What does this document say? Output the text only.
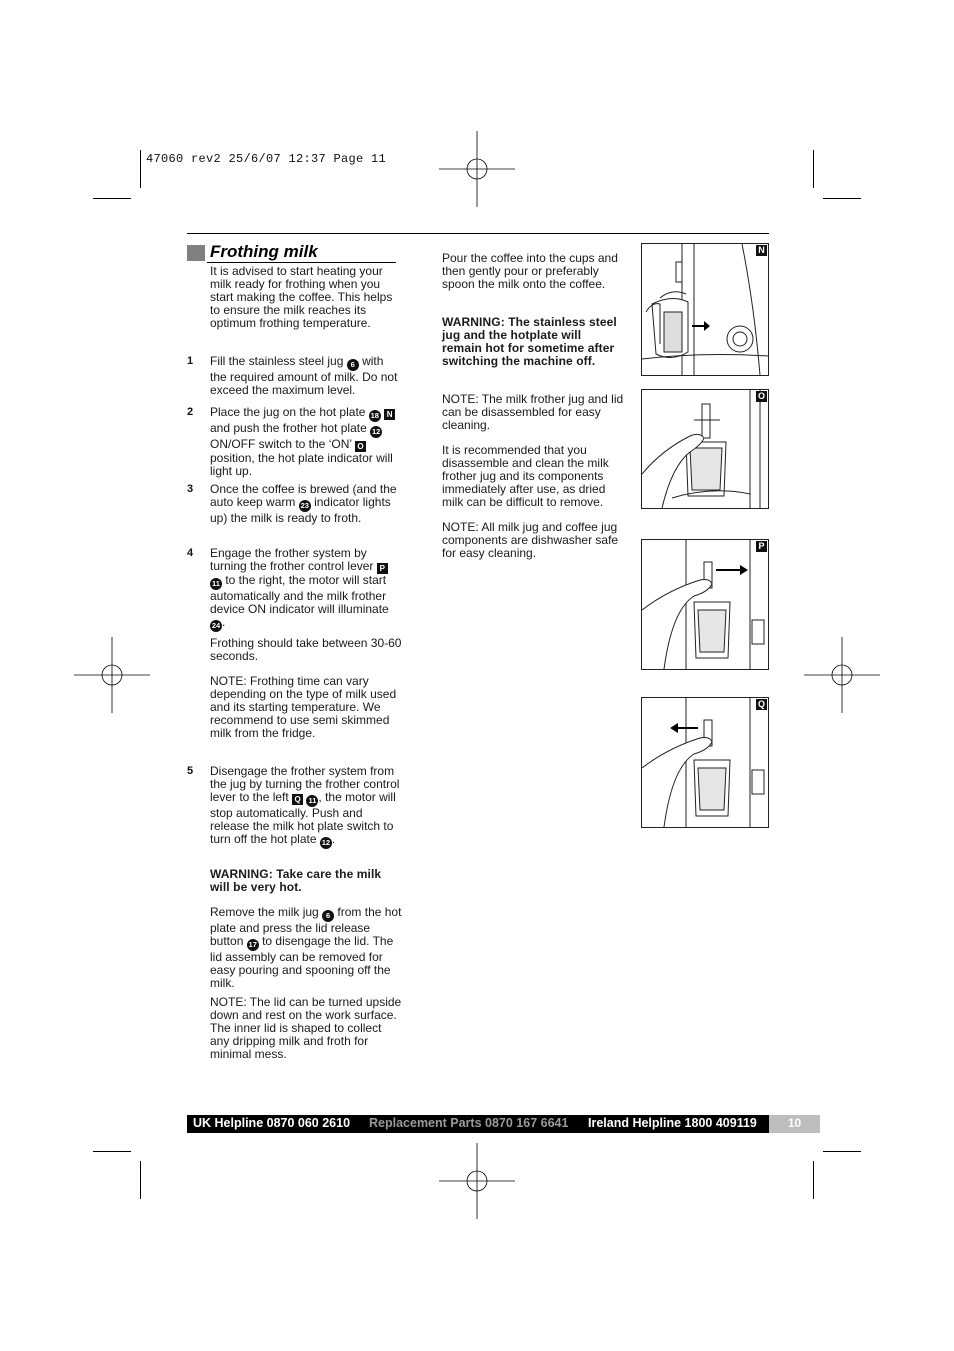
47060 rev2 25/6/07 12:37 Page 11
Frothing milk
It is advised to start heating your milk ready for frothing when you start making the coffee. This helps to ensure the milk reaches its optimum frothing temperature.
1 Fill the stainless steel jug 6 with the required amount of milk. Do not exceed the maximum level.
2 Place the jug on the hot plate 18 N and push the frother hot plate 12 ON/OFF switch to the ‘ON’ O position, the hot plate indicator will light up.
3 Once the coffee is brewed (and the auto keep warm 23 indicator lights up) the milk is ready to froth.
4 Engage the frother system by turning the frother control lever P 11 to the right, the motor will start automatically and the milk frother device ON indicator will illuminate 24 .
Frothing should take between 30-60 seconds.
NOTE: Frothing time can vary depending on the type of milk used and its starting temperature. We recommend to use semi skimmed milk from the fridge.
5 Disengage the frother system from the jug by turning the frother control lever to the left Q 11 , the motor will stop automatically. Push and release the milk hot plate switch to turn off the hot plate 12 .
WARNING: Take care the milk will be very hot.
Remove the milk jug 6 from the hot plate and press the lid release button 17 to disengage the lid. The lid assembly can be removed for easy pouring and spooning off the milk.
NOTE: The lid can be turned upside down and rest on the work surface. The inner lid is shaped to collect any dripping milk and froth for minimal mess.
Pour the coffee into the cups and then gently pour or preferably spoon the milk onto the coffee.
WARNING: The stainless steel jug and the hotplate will remain hot for sometime after switching the machine off.
NOTE: The milk frother jug and lid can be disassembled for easy cleaning.
It is recommended that you disassemble and clean the milk frother jug and its components immediately after use, as dried milk can be difficult to remove.
NOTE: All milk jug and coffee jug components are dishwasher safe for easy cleaning.
N
O
P
Q
UK Helpline 0870 060 2610 Replacement Parts 0870 167 6641 Ireland Helpline 1800 409119	10
